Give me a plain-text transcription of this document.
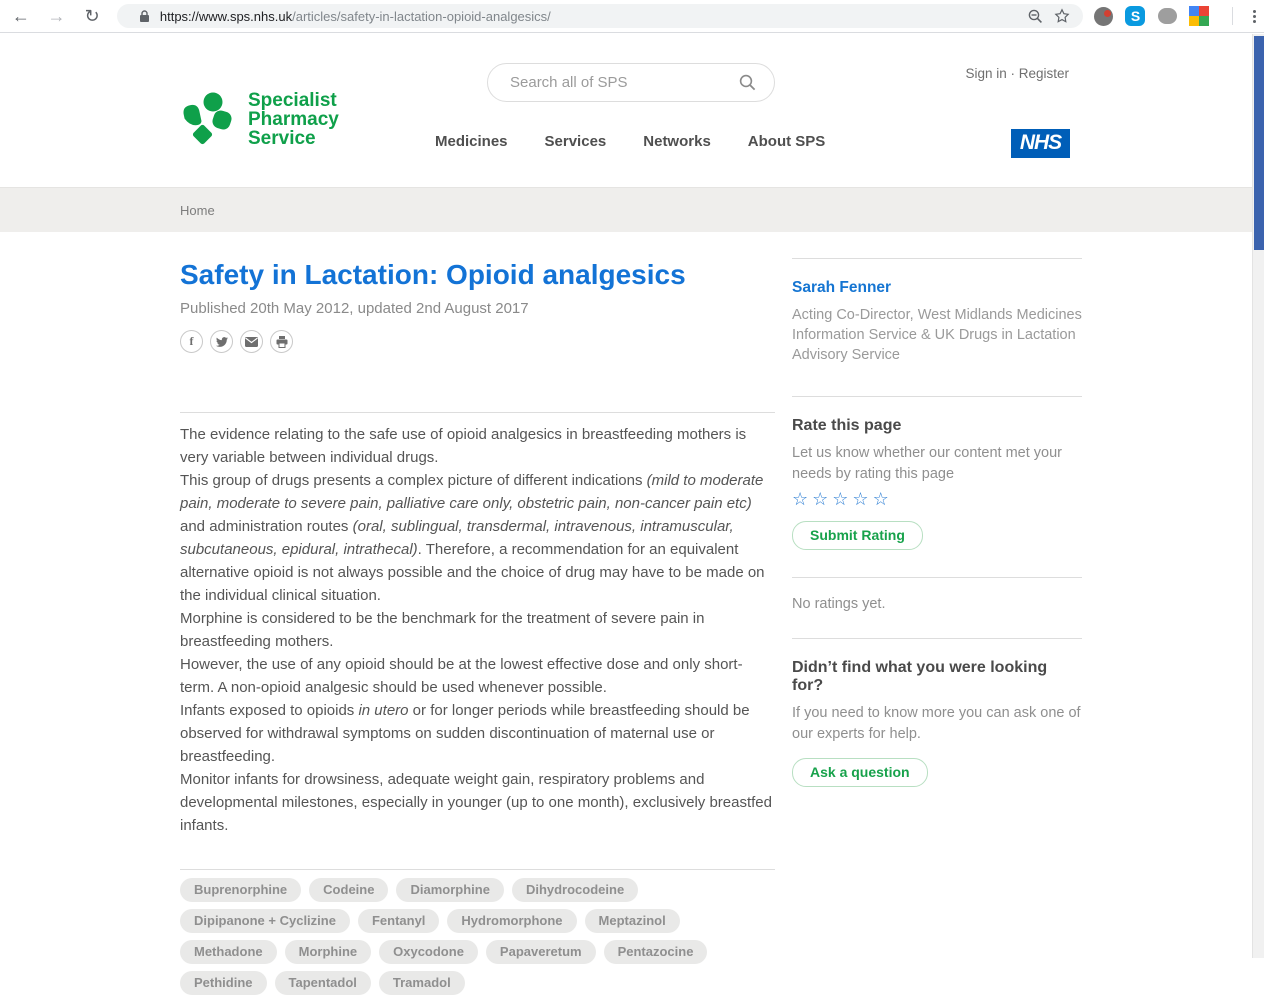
← →	↻	https://www.sps.nhs.uk/articles/safety-in-lactation-opioid-analgesics/	S
Specialist
Pharmacy
Service
Search all of SPS
Sign in · Register
Medicines Services Networks About SPS	NHS
Home
Safety in Lactation: Opioid analgesics
Published 20th May 2012, updated 2nd August 2017
f

The evidence relating to the safe use of opioid analgesics in breastfeeding mothers is very variable between individual drugs.

This group of drugs presents a complex picture of different indications (mild to moderate pain, moderate to severe pain, palliative care only, obstetric pain, non-cancer pain etc) and administration routes (oral, sublingual, transdermal, intravenous, intramuscular, subcutaneous, epidural, intrathecal). Therefore, a recommendation for an equivalent alternative opioid is not always possible and the choice of drug may have to be made on the individual clinical situation.

Morphine is considered to be the benchmark for the treatment of severe pain in breastfeeding mothers.

However, the use of any opioid should be at the lowest effective dose and only short-term. A non-opioid analgesic should be used whenever possible.

Infants exposed to opioids in utero or for longer periods while breastfeeding should be observed for withdrawal symptoms on sudden discontinuation of maternal use or breastfeeding.

Monitor infants for drowsiness, adequate weight gain, respiratory problems and developmental milestones, especially in younger (up to one month), exclusively breastfed infants.

Buprenorphine	Codeine	Diamorphine	Dihydrocodeine
Dipipanone + Cyclizine	Fentanyl	Hydromorphone	Meptazinol
Methadone	Morphine	Oxycodone	Papaveretum	Pentazocine
Pethidine	Tapentadol	Tramadol
Sarah Fenner
Acting Co-Director, West Midlands Medicines Information Service & UK Drugs in Lactation Advisory Service
Rate this page
Let us know whether our content met your needs by rating this page
☆ ☆ ☆ ☆ ☆
Submit Rating
No ratings yet.
Didn’t find what you were looking for?
If you need to know more you can ask one of our experts for help.
Ask a question
